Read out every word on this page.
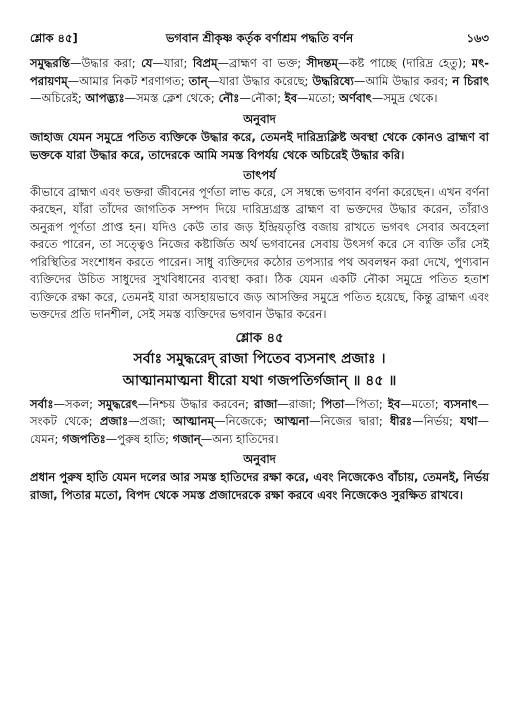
শ্লোক ৪৫]	ভগবান শ্রীকৃষ্ণ কর্তৃক বর্ণাশ্রম পদ্ধতি বর্ণন	১৬৩

সমুদ্ধরন্তি—উদ্ধার করা; যে—যারা; বিপ্রম্—ব্রাহ্মণ বা ভক্ত; সীদন্তম্—কষ্ট পাচ্ছে (দারিদ্র হেতু); মৎ-পরায়ণম্—আমার নিকট শরণাগত; তান্—যারা উদ্ধার করেছে; উদ্ধরিষ্যে—আমি উদ্ধার করব; ন চিরাৎ—অচিরেই; আপদ্ভ্যঃ—সমস্ত ক্লেশ থেকে; নৌঃ—নৌকা; ইব—মতো; অর্ণবাৎ—সমুদ্র থেকে।

অনুবাদ

জাহাজ যেমন সমুদ্রে পতিত ব্যক্তিকে উদ্ধার করে, তেমনই দারিদ্র্যক্লিষ্ট অবস্থা থেকে কোনও ব্রাহ্মণ বা ভক্তকে যারা উদ্ধার করে, তাদেরকে আমি সমস্ত বিপর্যয় থেকে অচিরেই উদ্ধার করি।

তাৎপর্য

কীভাবে ব্রাহ্মণ এবং ভক্তরা জীবনের পূর্ণতা লাভ করে, সে সম্বন্ধে ভগবান বর্ণনা করেছেন। এখন বর্ণনা করছেন, যাঁরা তাঁদের জাগতিক সম্পদ দিয়ে দারিদ্র্যগ্রস্ত ব্রাহ্মণ বা ভক্তদের উদ্ধার করেন, তাঁরাও অনুরূপ পূর্ণতা প্রাপ্ত হন। যদিও কেউ তার জড় ইন্দ্রিয়তৃপ্তি বজায় রাখতে ভগবৎ সেবার অবহেলা করতে পারেন, তা সত্ত্বেও নিজের কষ্টার্জিত অর্থ ভগবানের সেবায় উৎসর্গ করে সে ব্যক্তি তাঁর সেই পরিস্থিতির সংশোধন করতে পারেন। সাধু ব্যক্তিদের কঠোর তপস্যার পথ অবলম্বন করা দেখে, পুণ্যবান ব্যক্তিদের উচিত সাধুদের সুখবিধানের ব্যবস্থা করা। ঠিক যেমন একটি নৌকা সমুদ্রে পতিত হতাশ ব্যক্তিকে রক্ষা করে, তেমনই যারা অসহায়ভাবে জড় আসক্তির সমুদ্রে পতিত হয়েছে, কিন্তু ব্রাহ্মণ এবং ভক্তদের প্রতি দানশীল, সেই সমস্ত ব্যক্তিদের ভগবান উদ্ধার করেন।

শ্লোক ৪৫
সর্বাঃ সমুদ্ধরেদ্ রাজা পিতেব ব্যসনাৎ প্রজাঃ ।
আত্মানমাত্মনা ধীরো যথা গজপতির্গজান্ ॥ ৪৫ ॥

সর্বাঃ—সকল; সমুদ্ধরেৎ—নিশ্চয় উদ্ধার করবেন; রাজা—রাজা; পিতা—পিতা; ইব—মতো; ব্যসনাৎ—সংকট থেকে; প্রজাঃ—প্রজা; আত্মানম্—নিজেকে; আত্মনা—নিজের দ্বারা; ধীরঃ—নির্ভয়; যথা—যেমন; গজপতিঃ—পুরুষ হাতি; গজান্—অন্য হাতিদের।

অনুবাদ

প্রধান পুরুষ হাতি যেমন দলের আর সমস্ত হাতিদের রক্ষা করে, এবং নিজেকেও বাঁচায়, তেমনই, নির্ভয় রাজা, পিতার মতো, বিপদ থেকে সমস্ত প্রজাদেরকে রক্ষা করবে এবং নিজেকেও সুরক্ষিত রাখবে।
